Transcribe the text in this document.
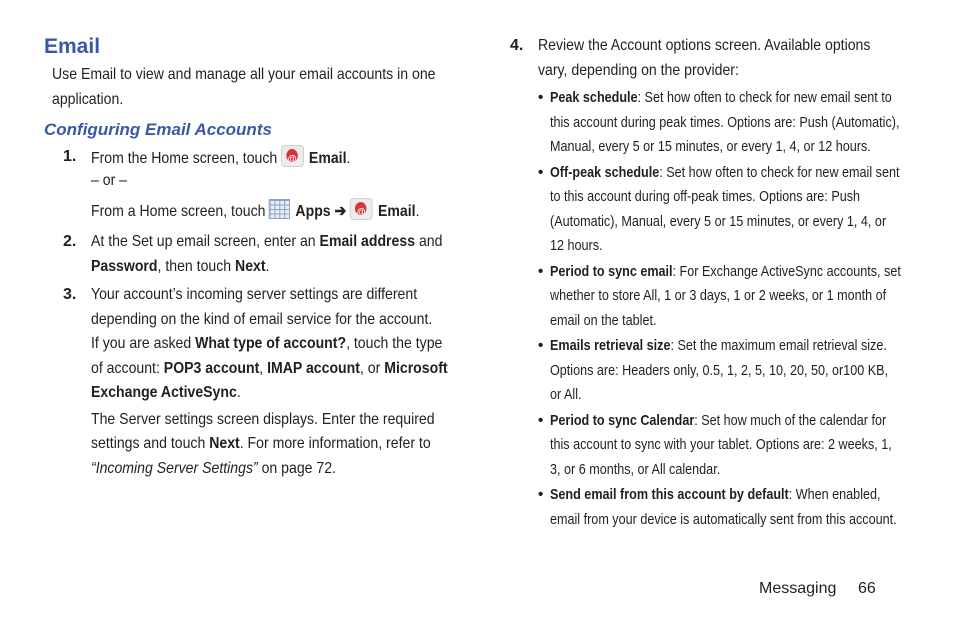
Email
Use Email to view and manage all your email accounts in one
application.
Configuring Email Accounts
1. From the Home screen, touch @ Email.
– or –
From a Home screen, touch Apps ➔ @ Email.
2. At the Set up email screen, enter an Email address and
Password, then touch Next.
3. Your account’s incoming server settings are different
depending on the kind of email service for the account.
If you are asked What type of account?, touch the type
of account: POP3 account, IMAP account, or Microsoft
Exchange ActiveSync.
The Server settings screen displays. Enter the required
settings and touch Next. For more information, refer to
“Incoming Server Settings” on page 72.
4. Review the Account options screen. Available options
vary, depending on the provider:
• Peak schedule: Set how often to check for new email sent to
this account during peak times. Options are: Push (Automatic),
Manual, every 5 or 15 minutes, or every 1, 4, or 12 hours.
• Off-peak schedule: Set how often to check for new email sent
to this account during off-peak times. Options are: Push
(Automatic), Manual, every 5 or 15 minutes, or every 1, 4, or
12 hours.
• Period to sync email: For Exchange ActiveSync accounts, set
whether to store All, 1 or 3 days, 1 or 2 weeks, or 1 month of
email on the tablet.
• Emails retrieval size: Set the maximum email retrieval size.
Options are: Headers only, 0.5, 1, 2, 5, 10, 20, 50, or100 KB,
or All.
• Period to sync Calendar: Set how much of the calendar for
this account to sync with your tablet. Options are: 2 weeks, 1,
3, or 6 months, or All calendar.
• Send email from this account by default: When enabled,
email from your device is automatically sent from this account.
Messaging 66
